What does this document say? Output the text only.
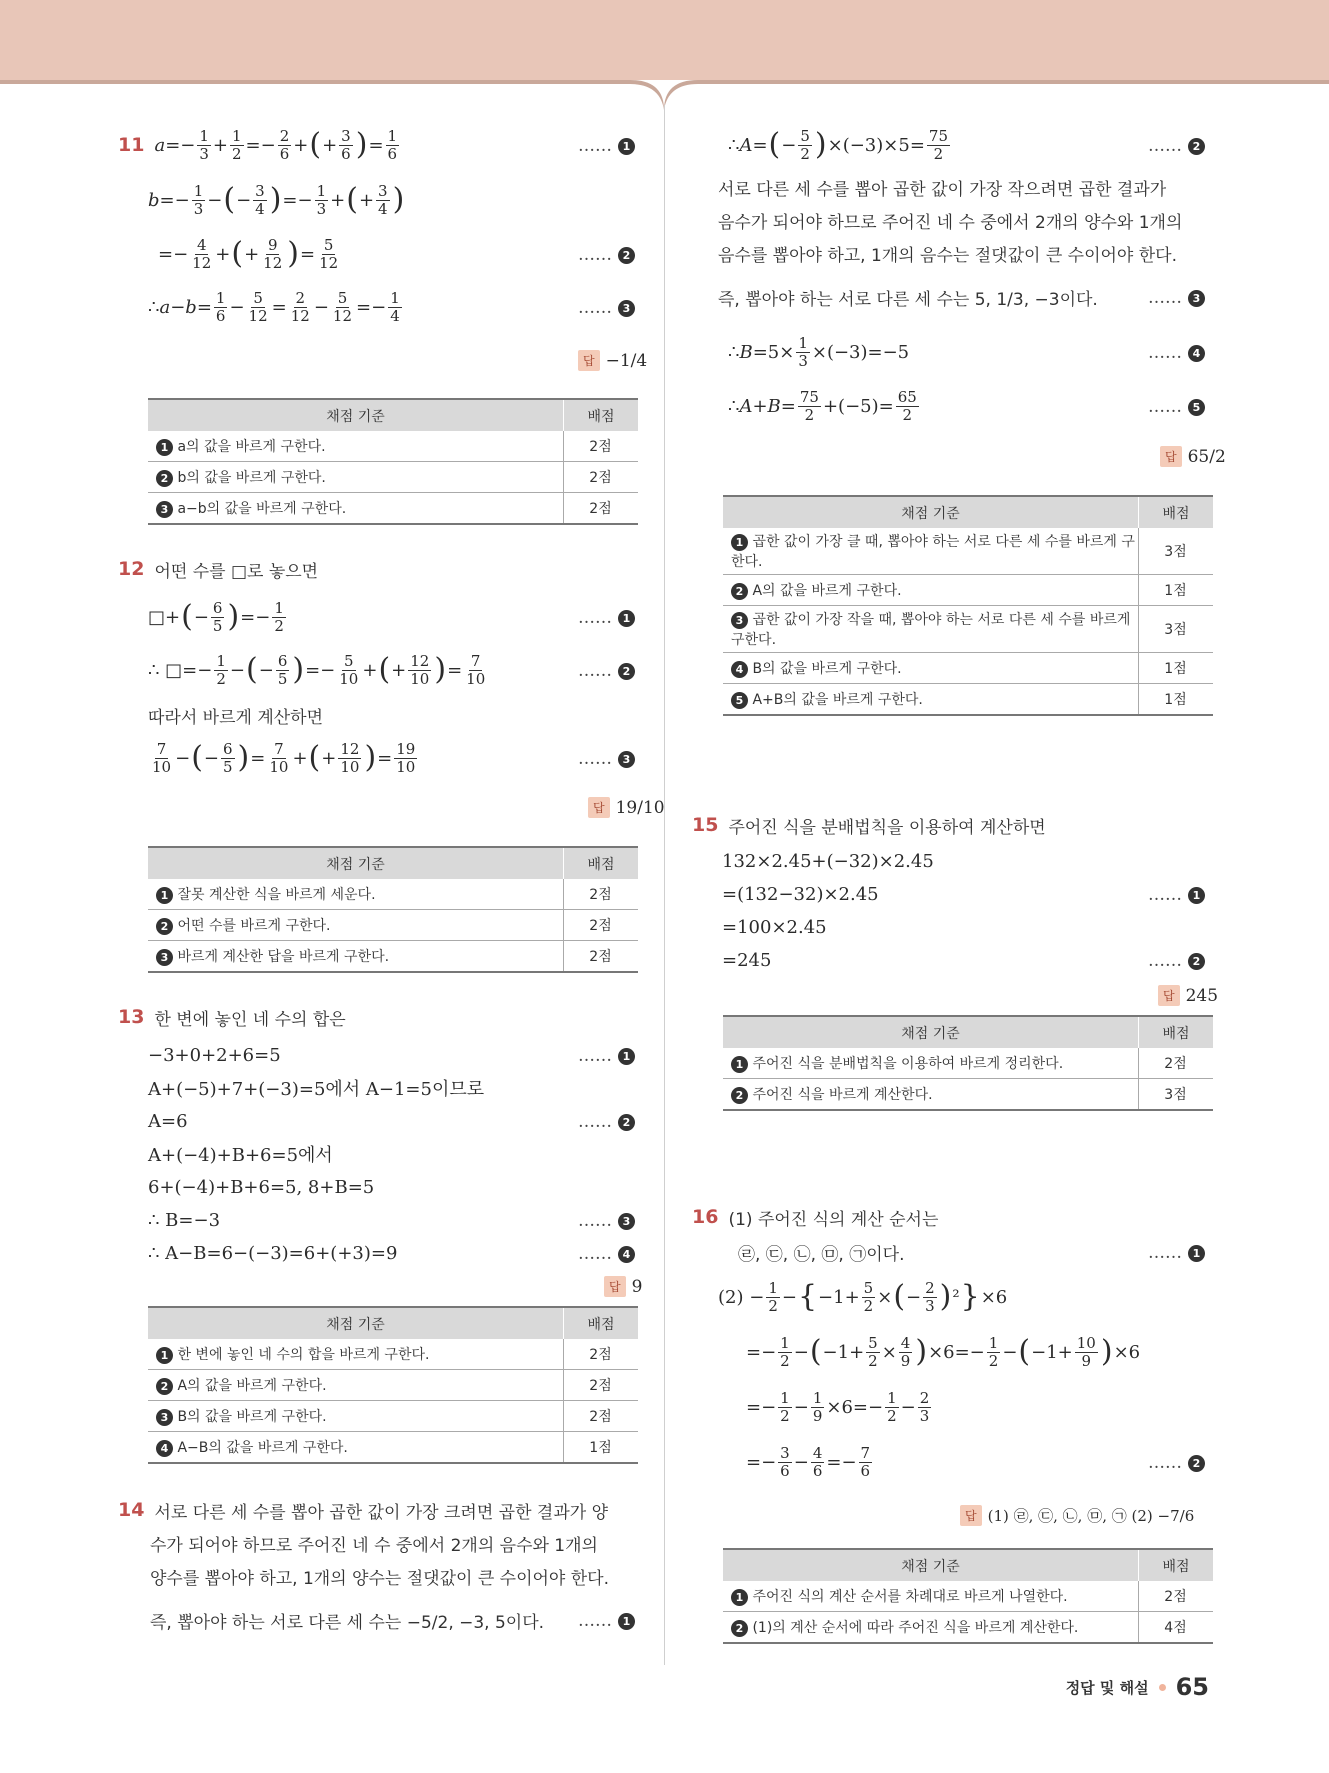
11 $a =- \frac{1}{3} + \frac{1}{2} =- \frac{2}{6}$ + ( + $\frac{3}{6}$ ) = $\frac{1}{6}$	…… 1
$b =- \frac{1}{3}$ − ( − $\frac{3}{4}$ ) =− $\frac{1}{3}$ + ( + $\frac{3}{4}$ )
=− $\frac{4}{12}$ + ( + $\frac{9}{12}$ ) = $\frac{5}{12}$	…… 2
∴ $a - b = \frac{1}{6} - \frac{5}{12} = \frac{2}{12} - \frac{5}{12} =- \frac{1}{4}$	…… 3
답 −1/4
채점 기준	배점
1 a의 값을 바르게 구한다.	2점
2 b의 값을 바르게 구한다.	2점
3 a−b의 값을 바르게 구한다.	2점
12 어떤 수를 □로 놓으면
□+ ( − $\frac{6}{5}$ ) =− $\frac{1}{2}$	…… 1
∴ □=− $\frac{1}{2}$ − ( − $\frac{6}{5}$ ) =− $\frac{5}{10}$ + ( + $\frac{12}{10}$ ) = $\frac{7}{10}$	…… 2
따라서 바르게 계산하면
$\frac{7}{10}$ − ( − $\frac{6}{5}$ ) = $\frac{7}{10}$ + ( + $\frac{12}{10}$ ) = $\frac{19}{10}$	…… 3
답 19/10
채점 기준	배점
1 잘못 계산한 식을 바르게 세운다.	2점
2 어떤 수를 바르게 구한다.	2점
3 바르게 계산한 답을 바르게 구한다.	2점
13 한 변에 놓인 네 수의 합은
−3+0+2+6=5	…… 1
A+(−5)+7+(−3)=5에서 A−1=5이므로
A=6	…… 2
A+(−4)+B+6=5에서
6+(−4)+B+6=5, 8+B=5
∴ B=−3	…… 3
∴ A−B=6−(−3)=6+(+3)=9	…… 4
답 9
채점 기준	배점
1 한 변에 놓인 네 수의 합을 바르게 구한다.	2점
2 A의 값을 바르게 구한다.	2점
3 B의 값을 바르게 구한다.	2점
4 A−B의 값을 바르게 구한다.	1점
14 서로 다른 세 수를 뽑아 곱한 값이 가장 크려면 곱한 결과가 양
수가 되어야 하므로 주어진 네 수 중에서 2개의 음수와 1개의
양수를 뽑아야 하고, 1개의 양수는 절댓값이 큰 수이어야 한다.
즉, 뽑아야 하는 서로 다른 세 수는 −5/2, −3, 5이다. …… 1
∴ A = ( − $\frac{5}{2}$ ) $\times(-3)\times 5= \frac{75}{2}$	…… 2
서로 다른 세 수를 뽑아 곱한 값이 가장 작으려면 곱한 결과가
음수가 되어야 하므로 주어진 네 수 중에서 2개의 양수와 1개의
음수를 뽑아야 하고, 1개의 음수는 절댓값이 큰 수이어야 한다.
즉, 뽑아야 하는 서로 다른 세 수는 5, 1/3, −3이다.	…… 3
∴ $B =5\times \frac{1}{3} \times(-3)=-5$	…… 4
∴ $A + B = \frac{75}{2} +(-5)= \frac{65}{2}$	…… 5
답 65/2
채점 기준	배점
1 곱한 값이 가장 클 때, 뽑아야 하는 서로 다른 세 수를 바르게 구한다.	3점
2 A의 값을 바르게 구한다.	1점
3 곱한 값이 가장 작을 때, 뽑아야 하는 서로 다른 세 수를 바르게 구한다.	3점
4 B의 값을 바르게 구한다.	1점
5 A+B의 값을 바르게 구한다.	1점
15 주어진 식을 분배법칙을 이용하여 계산하면
132×2.45+(−32)×2.45
=(132−32)×2.45	…… 1
=100×2.45
=245	…… 2
답 245
채점 기준	배점
1 주어진 식을 분배법칙을 이용하여 바르게 정리한다.	2점
2 주어진 식을 바르게 계산한다.	3점
16 (1) 주어진 식의 계산 순서는
㉣, ㉢, ㉡, ㉤, ㉠이다.	…… 1
$(2) - \frac{1}{2}$ − { $-1+ \frac{5}{2}$ × ( − $\frac{2}{3}$ ) ² } ×6
=− $\frac{1}{2}$ − ( $-1+ \frac{5}{2} \times \frac{4}{9}$ ) $\times 6=- \frac{1}{2}$ − ( $-1+ \frac{10}{9}$ ) ×6
=− $\frac{1}{2} - \frac{1}{9} \times 6=- \frac{1}{2} - \frac{2}{3}$
=− $\frac{3}{6} - \frac{4}{6} =- \frac{7}{6}$	…… 2
답 (1) ㉣, ㉢, ㉡, ㉤, ㉠ (2) −7/6
채점 기준	배점
1 주어진 식의 계산 순서를 차례대로 바르게 나열한다.	2점
2 (1)의 계산 순서에 따라 주어진 식을 바르게 계산한다.	4점
정답 및 해설 65
